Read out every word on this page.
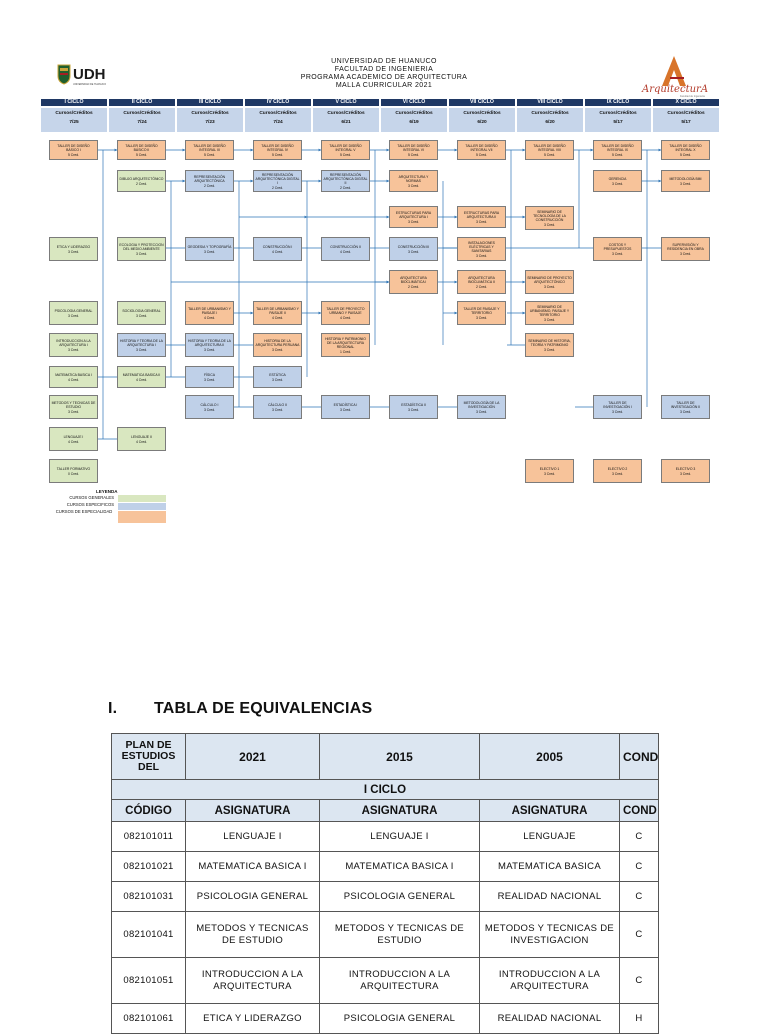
UDH
UNIVERSIDAD DE HUANUCO
UNIVERSIDAD DE HUANUCO
FACULTAD DE INGENIERIA
PROGRAMA ACADEMICO DE ARQUITECTURA
MALLA CURRICULAR 2021	ArquitecturA
Facultad de Ingenieria
I CICLO
Cursos/Créditos
7/25
II CICLO
Cursos/Créditos
7/24
III CICLO
Cursos/Créditos
7/23
IV CICLO
Cursos/Créditos
7/24
V CICLO
Cursos/Créditos
6/21
VI CICLO
Cursos/Créditos
6/19
VII CICLO
Cursos/Créditos
6/20
VIII CICLO
Cursos/Créditos
6/20
IX CICLO
Cursos/Créditos
5/17
X CICLO
Cursos/Créditos
5/17
TALLER DE DISEÑO BÁSICO I
5 Cred.
ETICA Y LIDERAZGO
3 Cred.
PSICOLOGIA GENERAL
3 Cred.
INTRODUCCION A LA ARQUITECTURA I
3 Cred.
MATEMATICA BASICA I
4 Cred.
METODOS Y TECNICAS DE ESTUDIO
3 Cred.
LENGUAJE I
4 Cred.
TALLER FORMATIVO
0 Cred.
TALLER DE DISEÑO BÁSICO II
5 Cred.
DIBUJO ARQUITECTÓNICO
2 Cred.
ECOLOGIA Y PROTECCION DEL MEDIO AMBIENTE
3 Cred.
SOCIOLOGIA GENERAL
3 Cred.
HISTORIA Y TEORIA DE LA ARQUITECTURA I
3 Cred.
MATEMATICA BASICA II
4 Cred.
LENGUAJE II
4 Cred.
TALLER DE DISEÑO INTEGRAL III
5 Cred.
REPRESENTACIÓN ARQUITECTÓNICA
2 Cred.
GEODESIA Y TOPOGRAFÍA
3 Cred.
TALLER DE URBANISMO Y PAISAJE I
4 Cred.
HISTORIA Y TEORIA DE LA ARQUITECTURA II
3 Cred.
FÍSICA
3 Cred.
CÁLCULO I
3 Cred.
TALLER DE DISEÑO INTEGRAL IV
5 Cred.
REPRESENTACIÓN ARQUITECTÓNICA DIGITAL I
2 Cred.
CONSTRUCCIÓN I
4 Cred.
TALLER DE URBANISMO Y PAISAJE II
4 Cred.
HISTORIA DE LA ARQUITECTURA PERUANA
3 Cred.
ESTÁTICA
3 Cred.
CÁLCULO II
3 Cred.
TALLER DE DISEÑO INTEGRAL V
5 Cred.
REPRESENTACIÓN ARQUITECTÓNICA DIGITAL II
2 Cred.
CONSTRUCCIÓN II
4 Cred.
TALLER DE PROYECTO URBANO Y PAISAJE
4 Cred.
HISTORIA Y PATRIMONIO DE LA ARQUITECTURA REGIONAL
1 Cred.
ESTADÍSTICA I
3 Cred.
TALLER DE DISEÑO INTEGRAL VI
5 Cred.
ARQUITECTURA Y NORMAS
3 Cred.
ESTRUCTURAS PARA ARQUITECTURA I
3 Cred.
CONSTRUCCIÓN III
3 Cred.
ARQUITECTURA BIOCLIMÁTICA I
2 Cred.
ESTADÍSTICA II
3 Cred.
TALLER DE DISEÑO INTEGRAL VII
5 Cred.
ESTRUCTURAS PARA ARQUITECTURA II
3 Cred.
INSTALACIONES ELÉCTRICAS Y SANITARIAS
3 Cred.
ARQUITECTURA BIOCLIMÁTICA II
2 Cred.
TALLER DE PAISAJE Y TERRITORIO
3 Cred.
METODOLOGÍA DE LA INVESTIGACIÓN
3 Cred.
TALLER DE DISEÑO INTEGRAL VIII
5 Cred.
SEMINARIO DE TECNOLOGÍA DE LA CONSTRUCCIÓN
3 Cred.
SEMINARIO DE PROYECTO ARQUITECTÓNICO
3 Cred.
SEMINARIO DE URBANISMO, PAISAJE Y TERRITORIO
3 Cred.
SEMINARIO DE HISTORIA, TEORÍA Y PATRIMONIO
3 Cred.
ELECTIVO 1
3 Cred.
TALLER DE DISEÑO INTEGRAL IX
5 Cred.
GERENCIA
3 Cred.
COSTOS Y PRESUPUESTOS
3 Cred.
TALLER DE INVESTIGACIÓN I
3 Cred.
ELECTIVO 2
3 Cred.
TALLER DE DISEÑO INTEGRAL X
5 Cred.
METODOLOGÍA BIM
3 Cred.
SUPERVISIÓN Y RESIDENCIA EN OBRA
3 Cred.
TALLER DE INVESTIGACIÓN II
3 Cred.
ELECTIVO 3
3 Cred.
LEYENDA
CURSOS GENERALES
CURSOS ESPECIFICOS
CURSOS DE ESPECIALIDAD
I. TABLA DE EQUIVALENCIAS
PLAN DE ESTUDIOS DEL	2021	2015	2005	COND
I CICLO				
CÓDIGO	ASIGNATURA	ASIGNATURA	ASIGNATURA	COND
082101011	LENGUAJE I	LENGUAJE I	LENGUAJE	C
082101021	MATEMATICA BASICA I	MATEMATICA BASICA I	MATEMATICA BASICA	C
082101031	PSICOLOGIA GENERAL	PSICOLOGIA GENERAL	REALIDAD NACIONAL	C
082101041	METODOS Y TECNICAS DE ESTUDIO	METODOS Y TECNICAS DE ESTUDIO	METODOS Y TECNICAS DE INVESTIGACION	C
082101051	INTRODUCCION A LA ARQUITECTURA	INTRODUCCION A LA ARQUITECTURA	INTRODUCCION A LA ARQUITECTURA	C
082101061	ETICA Y LIDERAZGO	PSICOLOGIA GENERAL	REALIDAD NACIONAL	H
